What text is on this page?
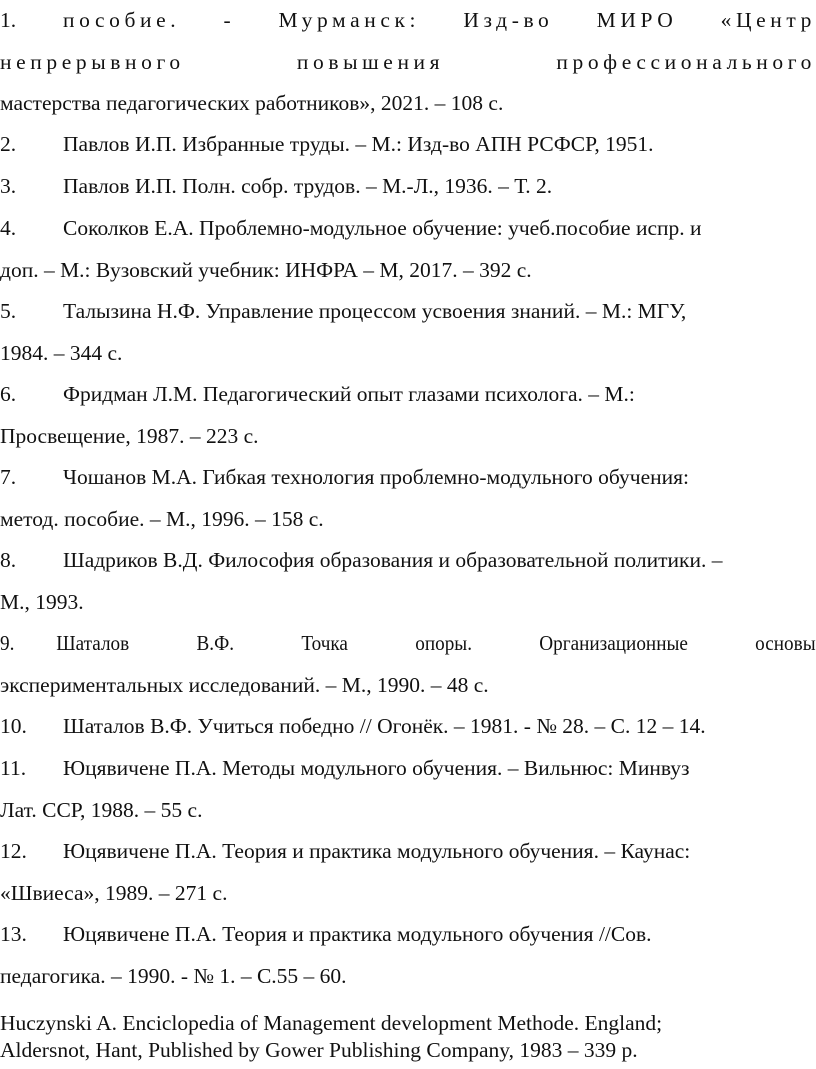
1. пособие. - Мурманск: Изд-во МИРО «Центр
непрерывного повышения профессионального
мастерства педагогических работников», 2021. – 108 с.
2. Павлов И.П. Избранные труды. – М.: Изд-во АПН РСФСР, 1951.
3. Павлов И.П. Полн. собр. трудов. – М.-Л., 1936. – Т. 2.
4. Соколков Е.А. Проблемно-модульное обучение: учеб.пособие испр. и
доп. – М.: Вузовский учебник: ИНФРА – М, 2017. – 392 с.
5. Талызина Н.Ф. Управление процессом усвоения знаний. – М.: МГУ,
1984. – 344 с.
6. Фридман Л.М. Педагогический опыт глазами психолога. – М.:
Просвещение, 1987. – 223 с.
7. Чошанов М.А. Гибкая технология проблемно-модульного обучения:
метод. пособие. – М., 1996. – 158 с.
8. Шадриков В.Д. Философия образования и образовательной политики. –
М., 1993.
9. Шаталов В.Ф. Точка опоры. Организационные основы
экспериментальных исследований. – М., 1990. – 48 с.
10. Шаталов В.Ф. Учиться победно // Огонёк. – 1981. - № 28. – С. 12 – 14.
11. Юцявичене П.А. Методы модульного обучения. – Вильнюс: Минвуз
Лат. ССР, 1988. – 55 с.
12. Юцявичене П.А. Теория и практика модульного обучения. – Каунас:
«Швиеса», 1989. – 271 с.
13. Юцявичене П.А. Теория и практика модульного обучения //Сов.
педагогика. – 1990. - № 1. – С.55 – 60.
Huczynski A. Enciclopedia of Management development Methode. England;
Aldersnot, Hant, Published by Gower Publishing Company, 1983 – 339 p.
